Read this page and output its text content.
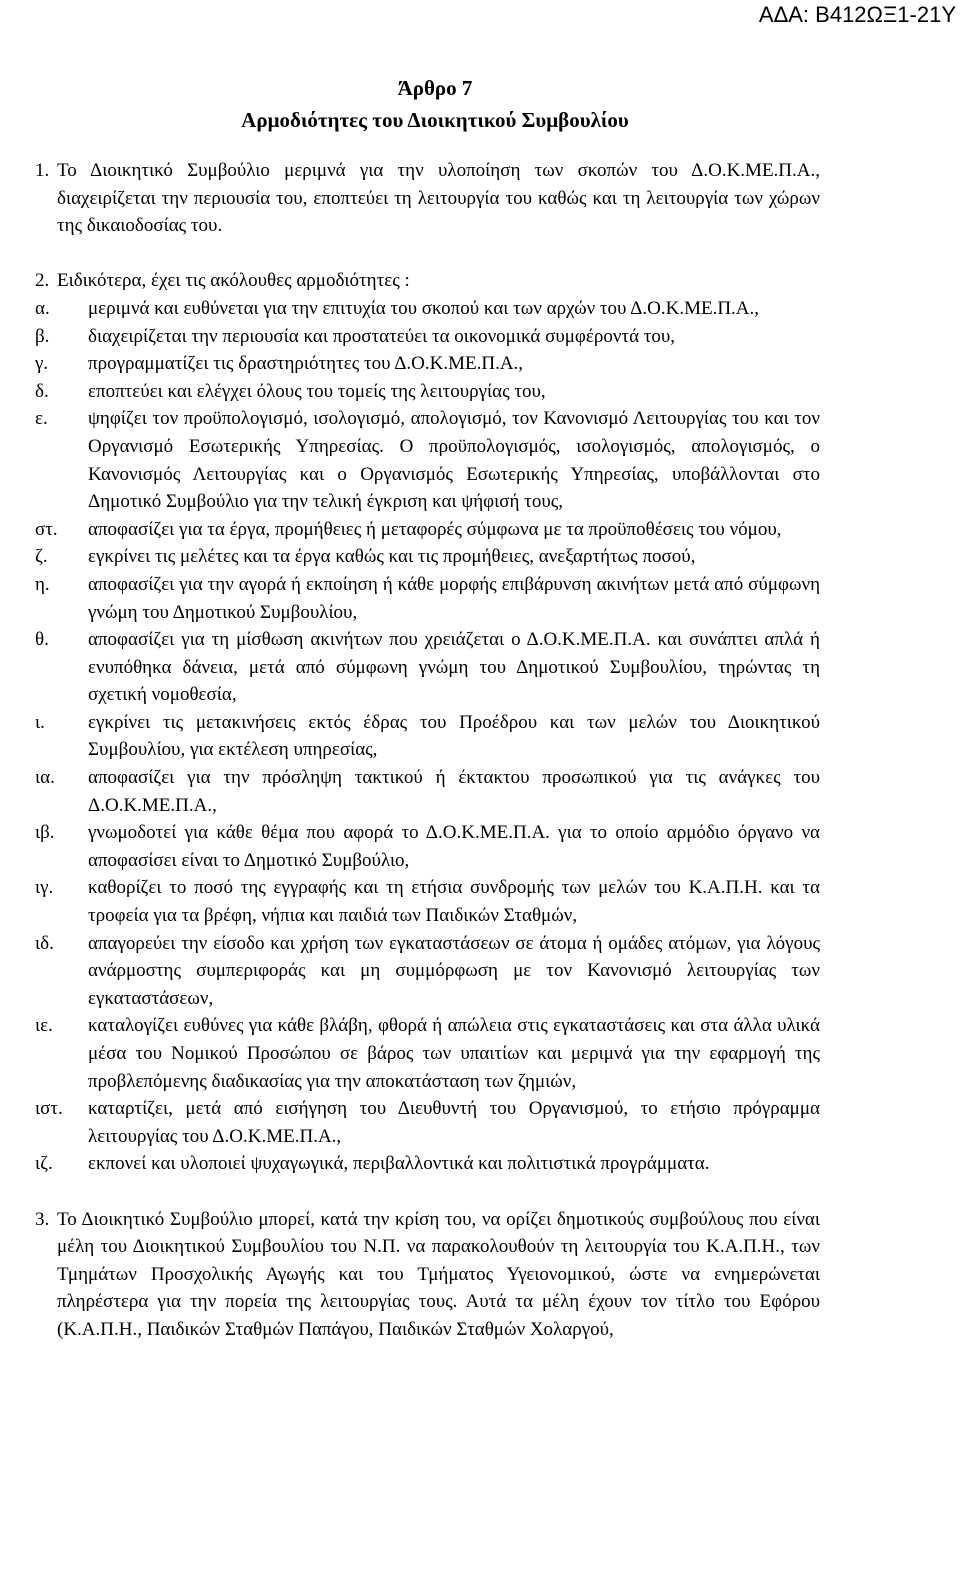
ΑΔΑ: Β412ΩΞ1-21Υ
Άρθρο 7
Αρμοδιότητες του Διοικητικού Συμβουλίου
1. Το Διοικητικό Συμβούλιο μεριμνά για την υλοποίηση των σκοπών του Δ.Ο.Κ.ΜΕ.Π.Α., διαχειρίζεται την περιουσία του, εποπτεύει τη λειτουργία του καθώς και τη λειτουργία των χώρων της δικαιοδοσίας του.
2. Ειδικότερα, έχει τις ακόλουθες αρμοδιότητες :
α.	μεριμνά και ευθύνεται για την επιτυχία του σκοπού και των αρχών του Δ.Ο.Κ.ΜΕ.Π.Α.,
β.	διαχειρίζεται την περιουσία και προστατεύει τα οικονομικά συμφέροντά του,
γ.	προγραμματίζει τις δραστηριότητες του Δ.Ο.Κ.ΜΕ.Π.Α.,
δ.	εποπτεύει και ελέγχει όλους του τομείς της λειτουργίας του,
ε.	ψηφίζει τον προϋπολογισμό, ισολογισμό, απολογισμό, τον Κανονισμό Λειτουργίας του και τον Οργανισμό Εσωτερικής Υπηρεσίας. Ο προϋπολογισμός, ισολογισμός, απολογισμός, ο Κανονισμός Λειτουργίας και ο Οργανισμός Εσωτερικής Υπηρεσίας, υποβάλλονται στο Δημοτικό Συμβούλιο για την τελική έγκριση και ψήφισή τους,
στ.	αποφασίζει για τα έργα, προμήθειες ή μεταφορές σύμφωνα με τα προϋποθέσεις του νόμου,
ζ.	εγκρίνει τις μελέτες και τα έργα καθώς και τις προμήθειες, ανεξαρτήτως ποσού,
η.	αποφασίζει για την αγορά ή εκποίηση ή κάθε μορφής επιβάρυνση ακινήτων μετά από σύμφωνη γνώμη του Δημοτικού Συμβουλίου,
θ.	αποφασίζει για τη μίσθωση ακινήτων που χρειάζεται ο Δ.Ο.Κ.ΜΕ.Π.Α. και συνάπτει απλά ή ενυπόθηκα δάνεια, μετά από σύμφωνη γνώμη του Δημοτικού Συμβουλίου, τηρώντας τη σχετική νομοθεσία,
ι.	εγκρίνει τις μετακινήσεις εκτός έδρας του Προέδρου και των μελών του Διοικητικού Συμβουλίου, για εκτέλεση υπηρεσίας,
ια.	αποφασίζει για την πρόσληψη τακτικού ή έκτακτου προσωπικού για τις ανάγκες του Δ.Ο.Κ.ΜΕ.Π.Α.,
ιβ.	γνωμοδοτεί για κάθε θέμα που αφορά το Δ.Ο.Κ.ΜΕ.Π.Α. για το οποίο αρμόδιο όργανο να αποφασίσει είναι το Δημοτικό Συμβούλιο,
ιγ.	καθορίζει το ποσό της εγγραφής και τη ετήσια συνδρομής των μελών του Κ.Α.Π.Η. και τα τροφεία για τα βρέφη, νήπια και παιδιά των Παιδικών Σταθμών,
ιδ.	απαγορεύει την είσοδο και χρήση των εγκαταστάσεων σε άτομα ή ομάδες ατόμων, για λόγους ανάρμοστης συμπεριφοράς και μη συμμόρφωση με τον Κανονισμό λειτουργίας των εγκαταστάσεων,
ιε.	καταλογίζει ευθύνες για κάθε βλάβη, φθορά ή απώλεια στις εγκαταστάσεις και στα άλλα υλικά μέσα του Νομικού Προσώπου σε βάρος των υπαιτίων και μεριμνά για την εφαρμογή της προβλεπόμενης διαδικασίας για την αποκατάσταση των ζημιών,
ιστ.	καταρτίζει, μετά από εισήγηση του Διευθυντή του Οργανισμού, το ετήσιο πρόγραμμα λειτουργίας του Δ.Ο.Κ.ΜΕ.Π.Α.,
ιζ.	εκπονεί και υλοποιεί ψυχαγωγικά, περιβαλλοντικά και πολιτιστικά προγράμματα.
3. Το Διοικητικό Συμβούλιο μπορεί, κατά την κρίση του, να ορίζει δημοτικούς συμβούλους που είναι μέλη του Διοικητικού Συμβουλίου του Ν.Π. να παρακολουθούν τη λειτουργία του Κ.Α.Π.Η., των Τμημάτων Προσχολικής Αγωγής και του Τμήματος Υγειονομικού, ώστε να ενημερώνεται πληρέστερα για την πορεία της λειτουργίας τους. Αυτά τα μέλη έχουν τον τίτλο του Εφόρου (Κ.Α.Π.Η., Παιδικών Σταθμών Παπάγου, Παιδικών Σταθμών Χολαργού,
